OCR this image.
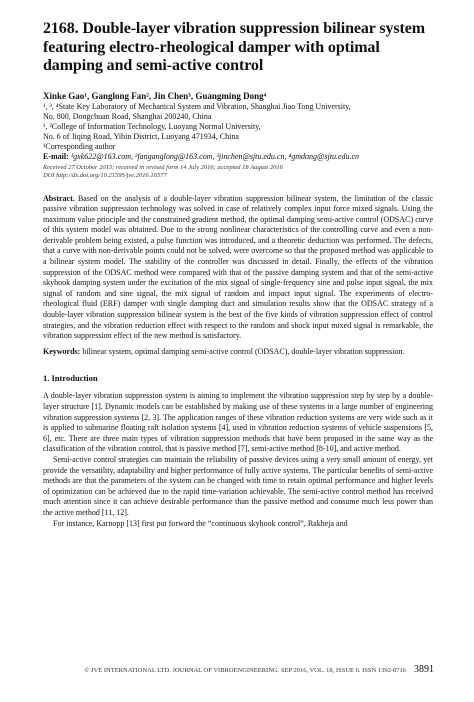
2168. Double-layer vibration suppression bilinear system featuring electro-rheological damper with optimal damping and semi-active control
Xinke Gao¹, Ganglong Fan², Jin Chen³, Guangming Dong⁴
¹, ³, ⁴State Key Laboratory of Mechanical System and Vibration, Shanghai Jiao Tong University,
No. 800, Dongchuan Road, Shanghai 200240, China
¹, ²College of Information Technology, Luoyang Normal University,
No. 6 of Jiqing Road, Yibin District, Luoyang 471934, China
¹Corresponding author
E-mail: ¹gxk622@163.com, ²fanganglong@163.com, ³jinchen@sjtu.edu.cn, ⁴gmdong@sjtu.edu.cn
Received 27 October 2015; received in revised form 14 July 2016; accepted 18 August 2016
DOI http://dx.doi.org/10.21595/jve.2016.16577
Abstract. Based on the analysis of a double-layer vibration suppression bilinear system, the limitation of the classic passive vibration suppression technology was solved in case of relatively complex input force mixed signals. Using the maximum value principle and the constrained gradient method, the optimal damping semi-active control (ODSAC) curve of this system model was obtained. Due to the strong nonlinear characteristics of the controlling curve and even a non-derivable problem being existed, a pulse function was introduced, and a theoretic deduction was performed. The defects, that a curve with non-derivable points could not be solved, were overcome so that the proposed method was applicable to a bilinear system model. The stability of the controller was discussed in detail. Finally, the effects of the vibration suppression of the ODSAC method were compared with that of the passive damping system and that of the semi-active skyhook damping system under the excitation of the mix signal of single-frequency sine and pulse input signal, the mix signal of random and sine signal, the mix signal of random and impact input signal. The experiments of electro-rheological fluid (ERF) damper with single damping duct and simulation results show that the ODSAC strategy of a double-layer vibration suppression bilinear system is the best of the five kinds of vibration suppression effect of control strategies, and the vibration reduction effect with respect to the random and shock input mixed signal is remarkable, the vibration suppression effect of the new method is satisfactory.
Keywords: bilinear system, optimal damping semi-active control (ODSAC), double-layer vibration suppression.
1. Introduction
A double-layer vibration suppression system is aiming to implement the vibration suppression step by step by a double-layer structure [1]. Dynamic models can be established by making use of these systems in a large number of engineering vibration suppression systems [2, 3]. The application ranges of these vibration reduction systems are very wide such as it is applied to submarine floating raft isolation systems [4], used in vibration reduction systems of vehicle suspensions [5, 6], etc. There are three main types of vibration suppression methods that have been proposed in the same way as the classification of the vibration control, that is passive method [7], semi-active method [8-10], and active method.
Semi-active control strategies can maintain the reliability of passive devices using a very small amount of energy, yet provide the versatility, adaptability and higher performance of fully active systems. The particular benefits of semi-active methods are that the parameters of the system can be changed with time to retain optimal performance and higher levels of optimization can be achieved due to the rapid time-variation achievable. The semi-active control method has received much attention since it can achieve desirable performance than the passive method and consume much less power than the active method [11, 12].
For instance, Karnopp [13] first put forward the “continuous skyhook control”, Rakheja and
© JVE INTERNATIONAL LTD. JOURNAL OF VIBROENGINEERING. SEP 2016, VOL. 18, ISSUE 6. ISSN 1392-8716 3891
